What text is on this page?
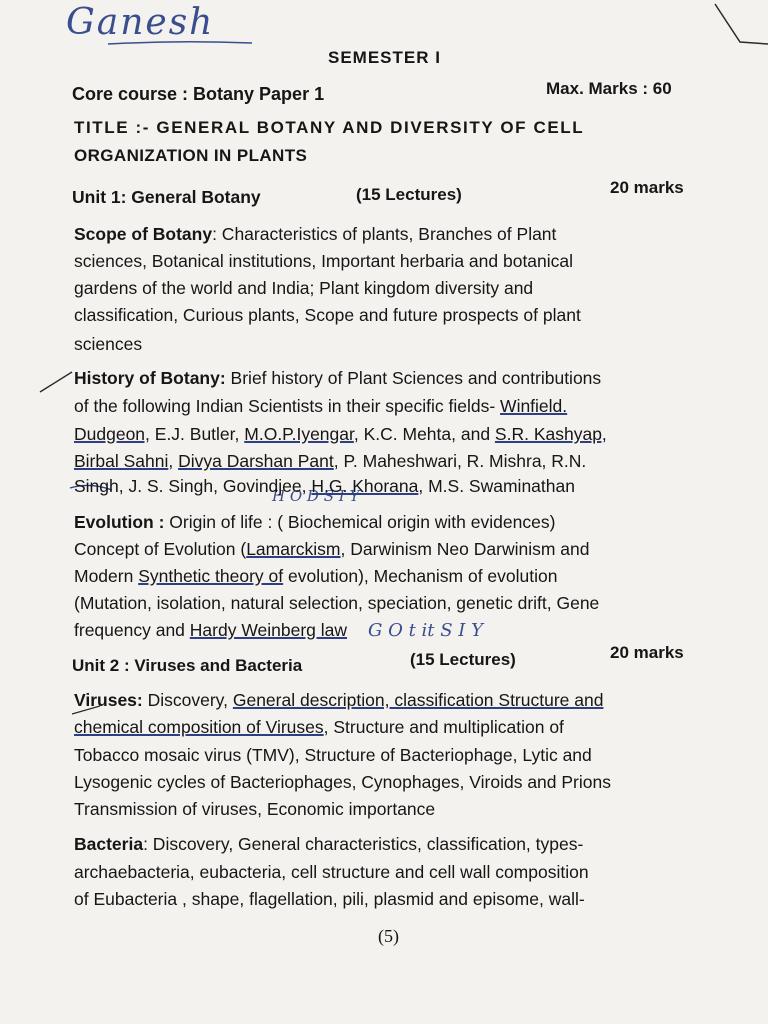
Ganesh
H O D S I Y
G O t it S I Y
SEMESTER I
Core course : Botany Paper 1	Max. Marks : 60
TITLE :- GENERAL BOTANY AND DIVERSITY OF CELL
ORGANIZATION IN PLANTS
Unit 1: General Botany	(15 Lectures)	20 marks
Scope of Botany: Characteristics of plants, Branches of Plant
sciences, Botanical institutions, Important herbaria and botanical
gardens of the world and India; Plant kingdom diversity and
classification, Curious plants, Scope and future prospects of plant
sciences
History of Botany: Brief history of Plant Sciences and contributions
of the following Indian Scientists in their specific fields- Winfield.
Dudgeon, E.J. Butler, M.O.P.Iyengar, K.C. Mehta, and S.R. Kashyap,
Birbal Sahni, Divya Darshan Pant, P. Maheshwari, R. Mishra, R.N.
Singh, J. S. Singh, Govindjee, H.G. Khorana, M.S. Swaminathan
Evolution : Origin of life : ( Biochemical origin with evidences)
Concept of Evolution (Lamarckism, Darwinism Neo Darwinism and
Modern Synthetic theory of evolution), Mechanism of evolution
(Mutation, isolation, natural selection, speciation, genetic drift, Gene
frequency and Hardy Weinberg law
Unit 2 : Viruses and Bacteria	(15 Lectures)	20 marks
Viruses: Discovery, General description, classification Structure and
chemical composition of Viruses, Structure and multiplication of
Tobacco mosaic virus (TMV), Structure of Bacteriophage, Lytic and
Lysogenic cycles of Bacteriophages, Cynophages, Viroids and Prions
Transmission of viruses, Economic importance
Bacteria: Discovery, General characteristics, classification, types-
archaebacteria, eubacteria, cell structure and cell wall composition
of Eubacteria , shape, flagellation, pili, plasmid and episome, wall-
(5)
